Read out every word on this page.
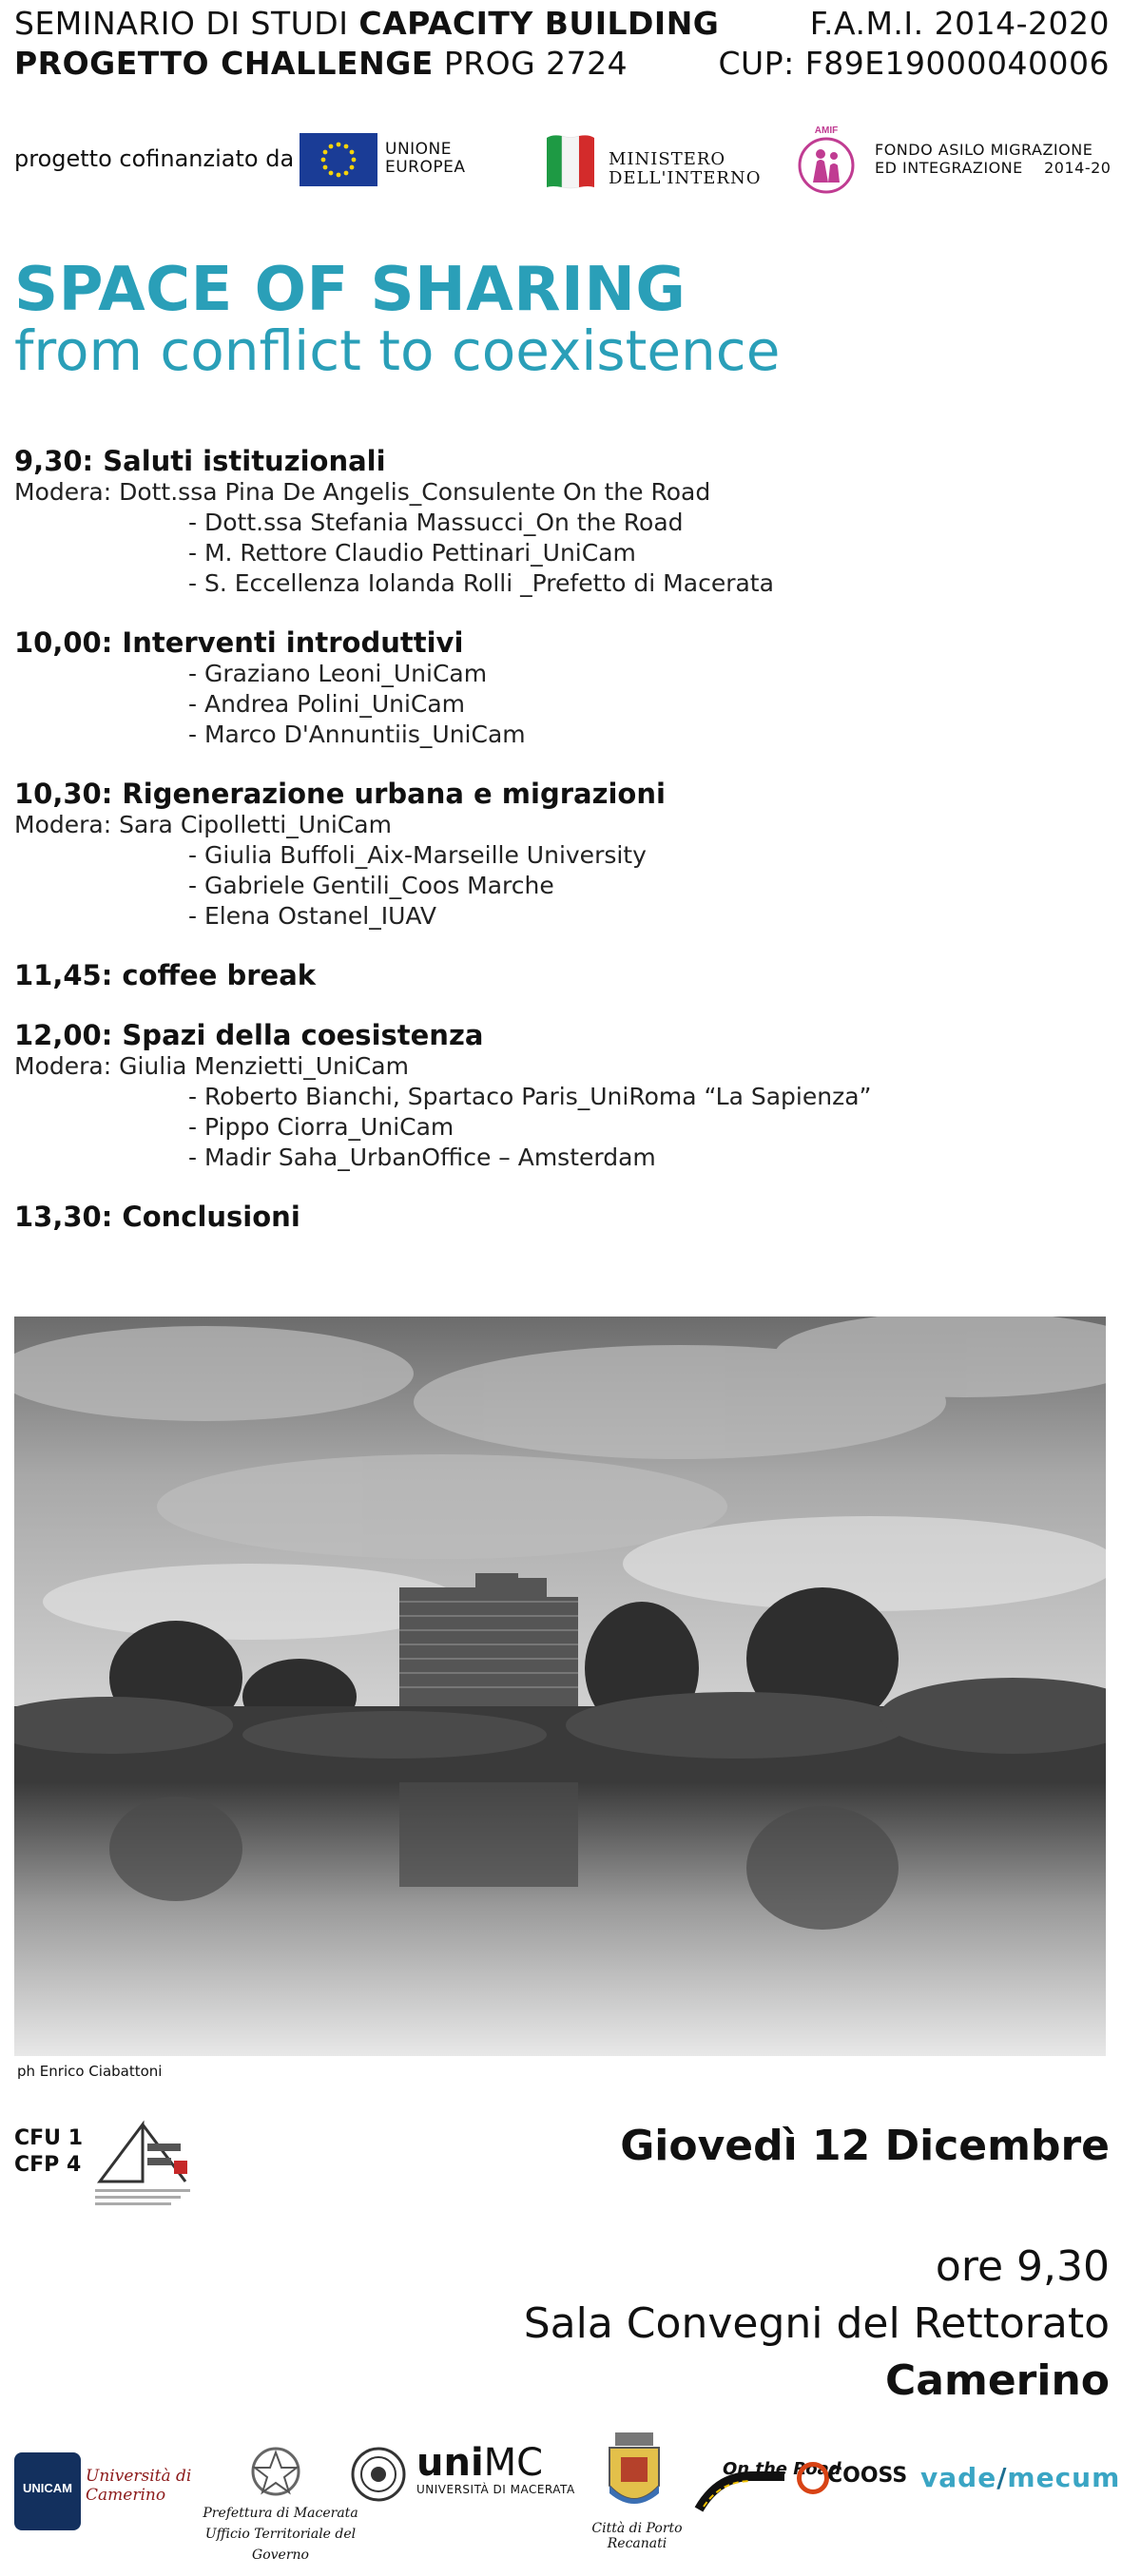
SEMINARIO DI STUDI CAPACITY BUILDING
PROGETTO CHALLENGE PROG 2724
F.A.M.I. 2014-2020
CUP: F89E19000040006
progetto cofinanziato da	UNIONE
EUROPEA	MINISTERO
DELL'INTERNO
AMIF
FONDO ASILO MIGRAZIONE
ED INTEGRAZIONE 2014-20
SPACE OF SHARING
from conflict to coexistence
9,30: Saluti istituzionali
Modera: Dott.ssa Pina De Angelis_Consulente On the Road
- Dott.ssa Stefania Massucci_On the Road
- M. Rettore Claudio Pettinari_UniCam
- S. Eccellenza Iolanda Rolli _Prefetto di Macerata
10,00: Interventi introduttivi
- Graziano Leoni_UniCam
- Andrea Polini_UniCam
- Marco D'Annuntiis_UniCam
10,30: Rigenerazione urbana e migrazioni
Modera: Sara Cipolletti_UniCam
- Giulia Buffoli_Aix-Marseille University
- Gabriele Gentili_Coos Marche
- Elena Ostanel_IUAV
11,45: coffee break
12,00: Spazi della coesistenza
Modera: Giulia Menzietti_UniCam
- Roberto Bianchi, Spartaco Paris_UniRoma “La Sapienza”
- Pippo Ciorra_UniCam
- Madir Saha_UrbanOffice – Amsterdam
13,30: Conclusioni
ph Enrico Ciabattoni
CFU 1
CFP 4	Giovedì 12 Dicembre
ore 9,30
Sala Convegni del Rettorato
Camerino
UNICAM
Università di Camerino
Prefettura di Macerata
Ufficio Territoriale del Governo
uniMC
UNIVERSITÀ DI MACERATA
Città di Porto Recanati
On the Road
COOSS vade/mecum
